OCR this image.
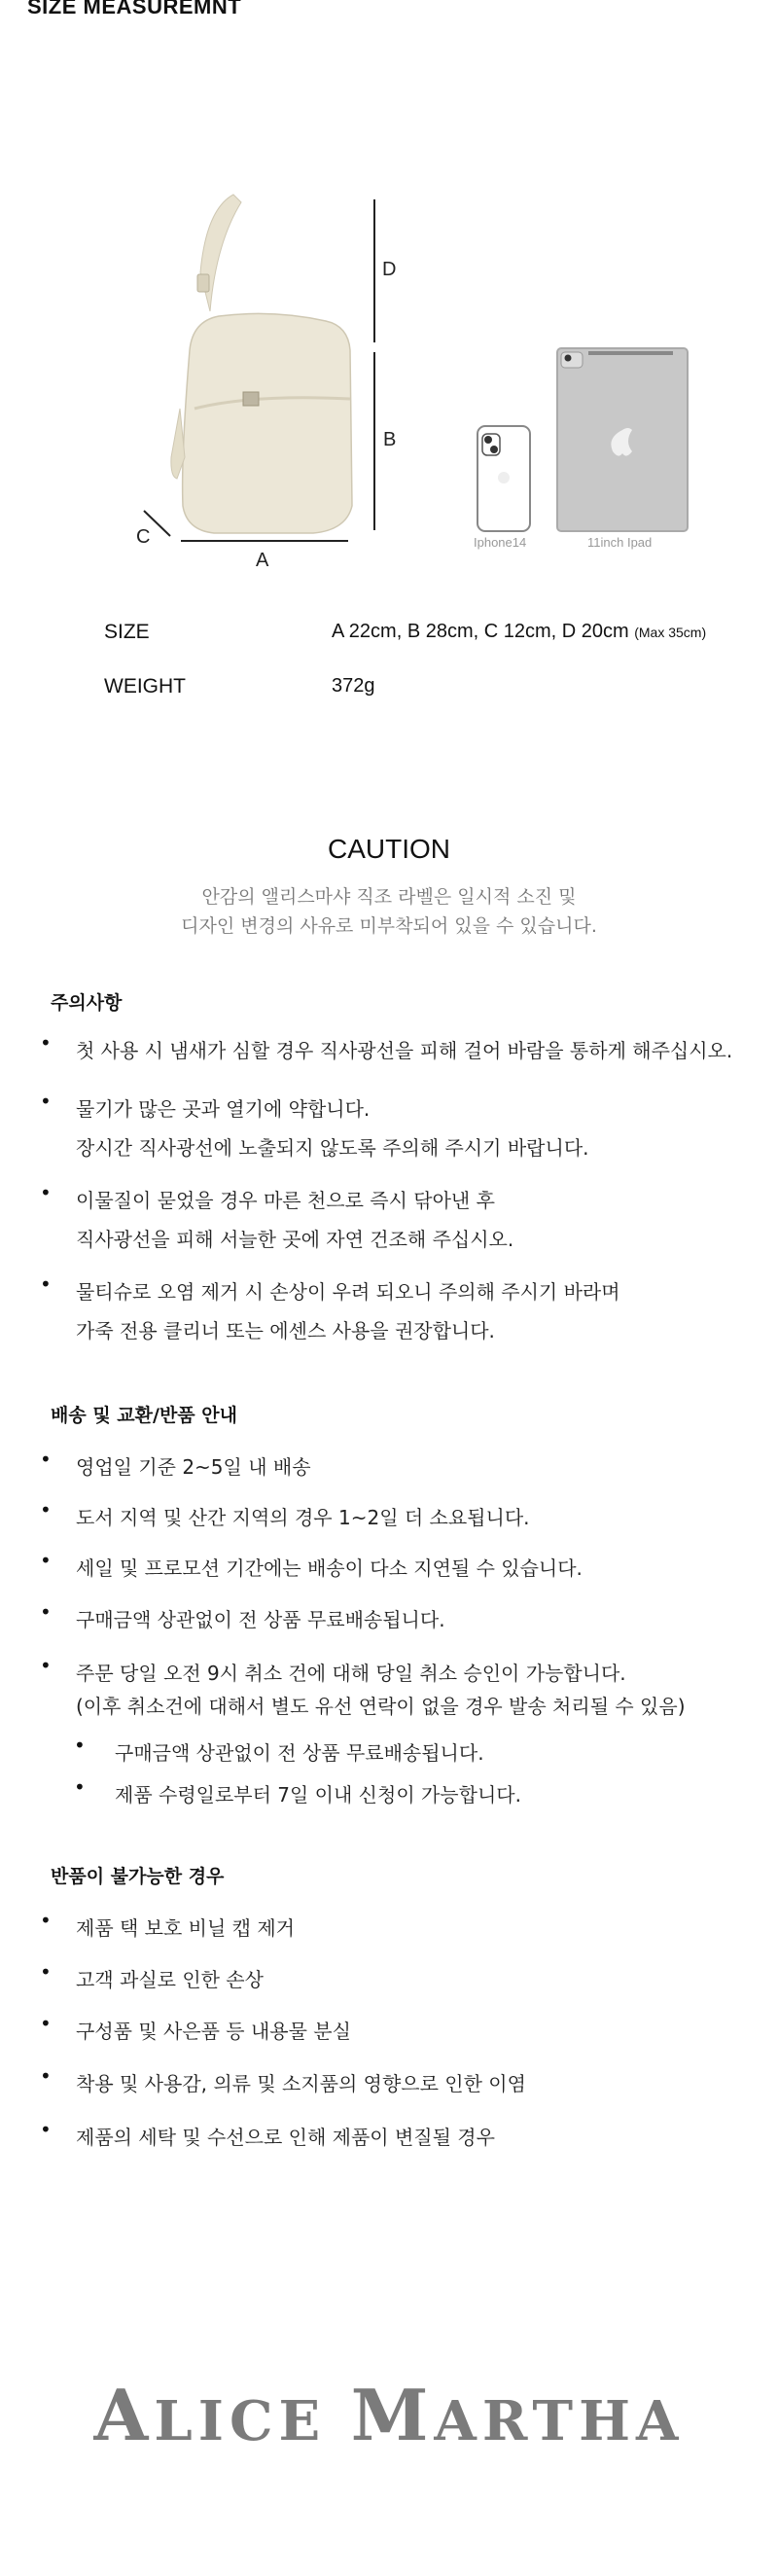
SIZE MEASUREMNT
D
B
A
C	Iphone14	11inch Ipad
SIZE	A 22cm, B 28cm, C 12cm, D 20cm (Max 35cm)
WEIGHT	372g
CAUTION
안감의 앨리스마샤 직조 라벨은 일시적 소진 및
디자인 변경의 사유로 미부착되어 있을 수 있습니다.
주의사항
• 첫 사용 시 냄새가 심할 경우 직사광선을 피해 걸어 바람을 통하게 해주십시오.
• 물기가 많은 곳과 열기에 약합니다.
장시간 직사광선에 노출되지 않도록 주의해 주시기 바랍니다.
• 이물질이 묻었을 경우 마른 천으로 즉시 닦아낸 후
직사광선을 피해 서늘한 곳에 자연 건조해 주십시오.
• 물티슈로 오염 제거 시 손상이 우려 되오니 주의해 주시기 바라며
가죽 전용 클리너 또는 에센스 사용을 권장합니다.
배송 및 교환/반품 안내
• 영업일 기준 2~5일 내 배송
• 도서 지역 및 산간 지역의 경우 1~2일 더 소요됩니다.
• 세일 및 프로모션 기간에는 배송이 다소 지연될 수 있습니다.
• 구매금액 상관없이 전 상품 무료배송됩니다.
• 주문 당일 오전 9시 취소 건에 대해 당일 취소 승인이 가능합니다.
(이후 취소건에 대해서 별도 유선 연락이 없을 경우 발송 처리될 수 있음)
• 구매금액 상관없이 전 상품 무료배송됩니다.
• 제품 수령일로부터 7일 이내 신청이 가능합니다.
반품이 불가능한 경우
• 제품 택 보호 비닐 캡 제거
• 고객 과실로 인한 손상
• 구성품 및 사은품 등 내용물 분실
• 착용 및 사용감, 의류 및 소지품의 영향으로 인한 이염
• 제품의 세탁 및 수선으로 인해 제품이 변질될 경우
ALICE MARTHA
